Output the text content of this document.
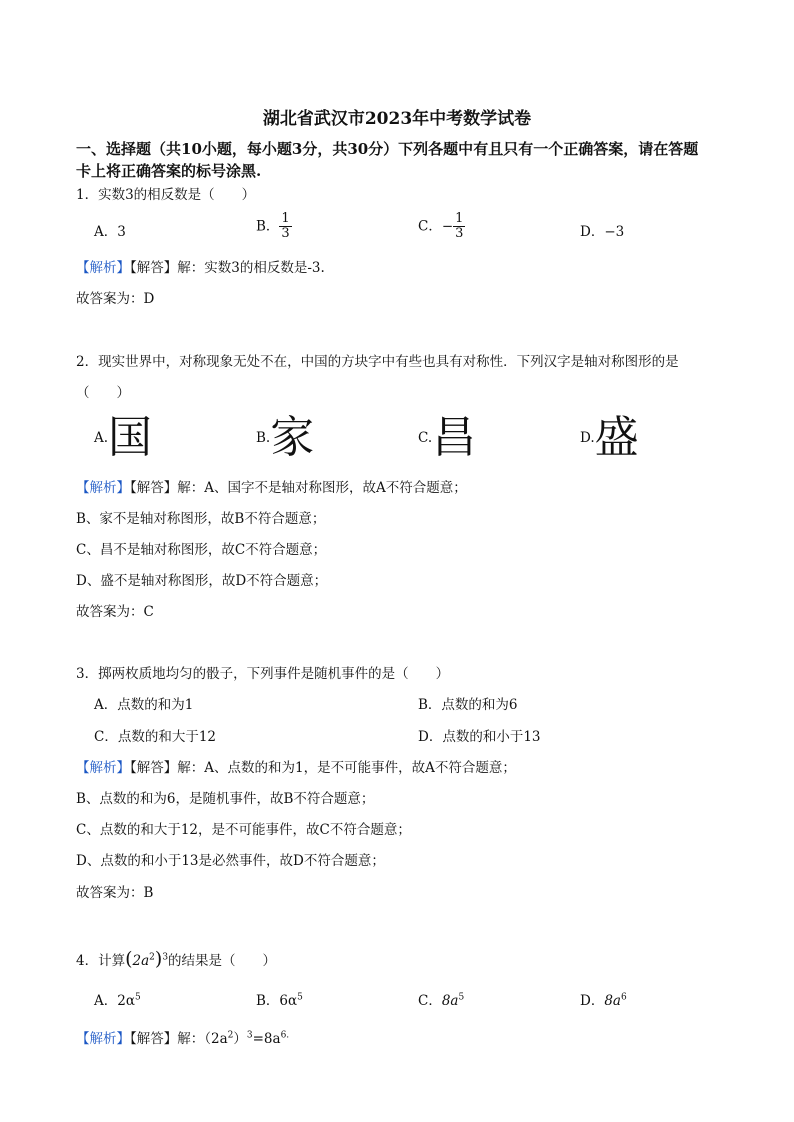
湖北省武汉市2023年中考数学试卷
一、选择题（共10小题，每小题3分，共30分）下列各题中有且只有一个正确答案，请在答题
卡上将正确答案的标号涂黑.
1．实数3的相反数是（　　）
A．3	B． $\frac{1}{3}$	C．− $\frac{1}{3}$	D．−3
【解析】【解答】解：实数3的相反数是-3.
故答案为：D
2．现实世界中，对称现象无处不在，中国的方块字中有些也具有对称性．下列汉字是轴对称图形的是
（　　）
A.国	B.家	C.昌	D.盛
【解析】【解答】解：A、国字不是轴对称图形，故A不符合题意；
B、家不是轴对称图形，故B不符合题意；
C、昌不是轴对称图形，故C不符合题意；
D、盛不是轴对称图形，故D不符合题意；
故答案为：C
3．掷两枚质地均匀的骰子，下列事件是随机事件的是（　　）
A．点数的和为1	B．点数的和为6
C．点数的和大于12	D．点数的和小于13
【解析】【解答】解：A、点数的和为1，是不可能事件，故A不符合题意；
B、点数的和为6，是随机事件，故B不符合题意；
C、点数的和大于12，是不可能事件，故C不符合题意；
D、点数的和小于13是必然事件，故D不符合题意；
故答案为：B
4．计算$(2a^2)^3$的结果是（　　）
A．$2\alpha^5$	B．$6\alpha^5$	C．$8a^5$	D．$8a^6$
【解析】【解答】解：$(2a^2)^3=8a^{6.}$
